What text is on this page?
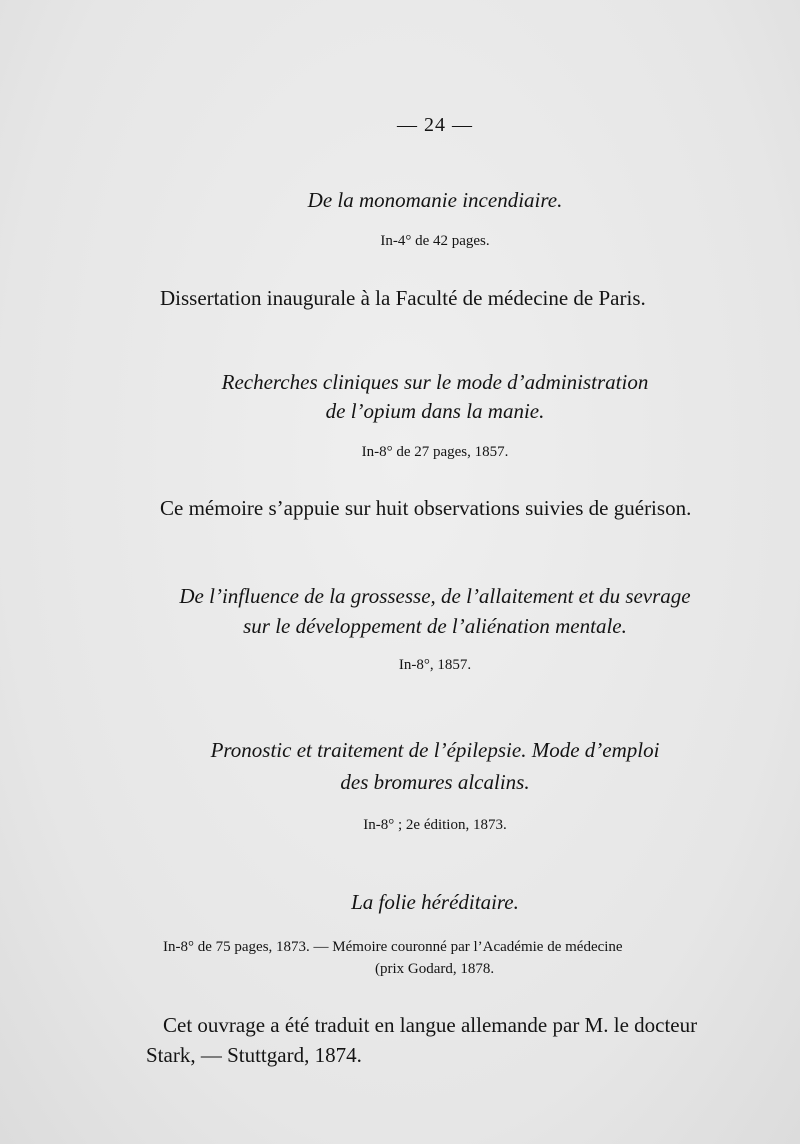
— 24 —
De la monomanie incendiaire.
In-4° de 42 pages.
Dissertation inaugurale à la Faculté de médecine de Paris.
Recherches cliniques sur le mode d’administration
de l’opium dans la manie.
In-8° de 27 pages, 1857.
Ce mémoire s’appuie sur huit observations suivies de guérison.
De l’influence de la grossesse, de l’allaitement et du sevrage
sur le développement de l’aliénation mentale.
In-8°, 1857.
Pronostic et traitement de l’épilepsie. Mode d’emploi
des bromures alcalins.
In-8° ; 2e édition, 1873.
La folie héréditaire.
In-8° de 75 pages, 1873. — Mémoire couronné par l’Académie de médecine
(prix Godard, 1878.
Cet ouvrage a été traduit en langue allemande par M. le docteur
Stark, — Stuttgard, 1874.
